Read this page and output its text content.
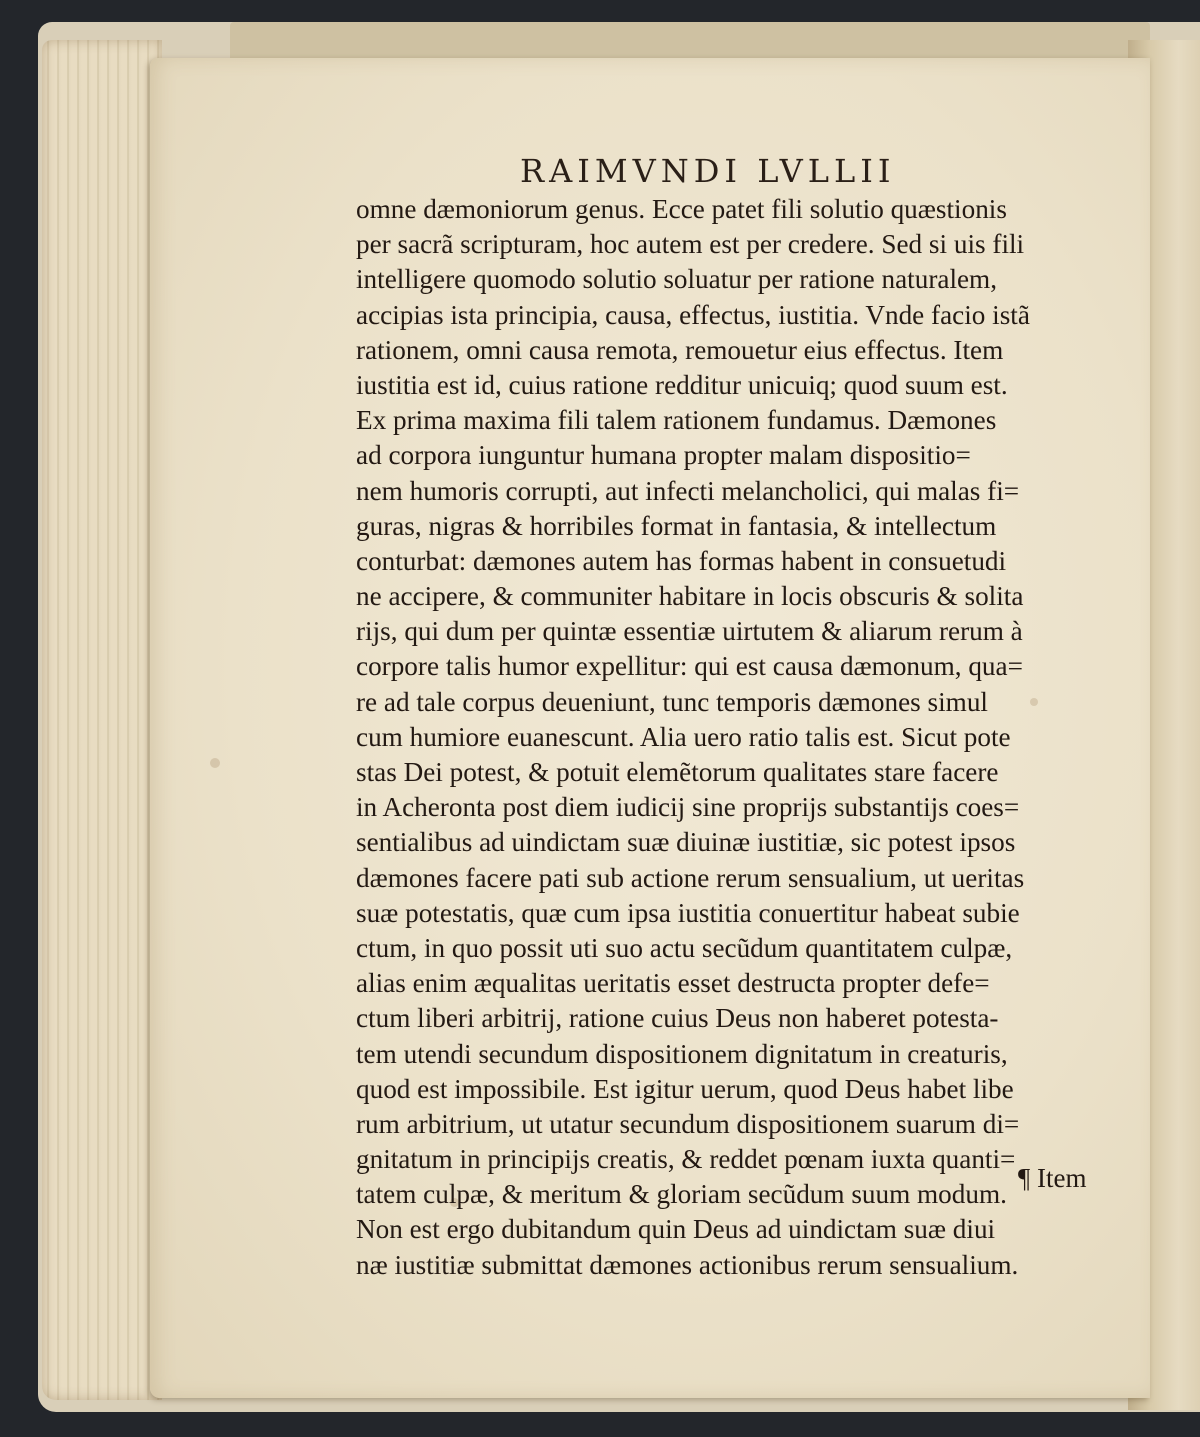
RAIMVNDI LVLLII
omne dæmoniorum genus. Ecce patet fili solutio quæstionis
per sacrã scripturam, hoc autem est per credere. Sed si uis fili
intelligere quomodo solutio soluatur per ratione naturalem,
accipias ista principia, causa, effectus, iustitia. Vnde facio istã
rationem, omni causa remota, remouetur eius effectus. Item
iustitia est id, cuius ratione redditur unicuiq; quod suum est.
Ex prima maxima fili talem rationem fundamus. Dæmones
ad corpora iunguntur humana propter malam dispositio=
nem humoris corrupti, aut infecti melancholici, qui malas fi=
guras, nigras & horribiles format in fantasia, & intellectum
conturbat: dæmones autem has formas habent in consuetudi
ne accipere, & communiter habitare in locis obscuris & solita
rijs, qui dum per quintæ essentiæ uirtutem & aliarum rerum à
corpore talis humor expellitur: qui est causa dæmonum, qua=
re ad tale corpus deueniunt, tunc temporis dæmones simul
cum humiore euanescunt. Alia uero ratio talis est. Sicut pote
stas Dei potest, & potuit elemẽtorum qualitates stare facere
in Acheronta post diem iudicij sine proprijs substantijs coes=
sentialibus ad uindictam suæ diuinæ iustitiæ, sic potest ipsos
dæmones facere pati sub actione rerum sensualium, ut ueritas
suæ potestatis, quæ cum ipsa iustitia conuertitur habeat subie
ctum, in quo possit uti suo actu secũdum quantitatem culpæ,
alias enim æqualitas ueritatis esset destructa propter defe=
ctum liberi arbitrij, ratione cuius Deus non haberet potesta-
tem utendi secundum dispositionem dignitatum in creaturis,
quod est impossibile. Est igitur uerum, quod Deus habet libe
rum arbitrium, ut utatur secundum dispositionem suarum di=
gnitatum in principijs creatis, & reddet pœnam iuxta quanti=
tatem culpæ, & meritum & gloriam secũdum suum modum.
Non est ergo dubitandum quin Deus ad uindictam suæ diui
næ iustitiæ submittat dæmones actionibus rerum sensualium.
¶ Item
